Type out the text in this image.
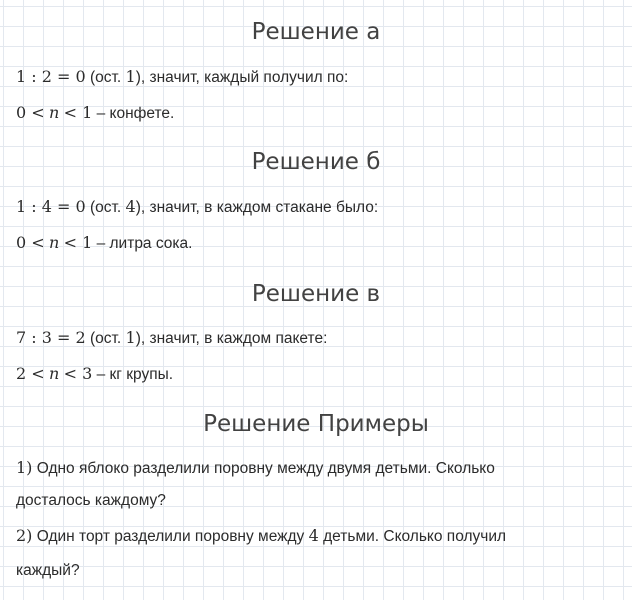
Решение а
1 : 2 = 0 (ост. 1), значит, каждый получил по:
0 < n < 1 – конфете.
Решение б
1 : 4 = 0 (ост. 4), значит, в каждом стакане было:
0 < n < 1 – литра сока.
Решение в
7 : 3 = 2 (ост. 1), значит, в каждом пакете:
2 < n < 3 – кг крупы.
Решение Примеры
1) Одно яблоко разделили поровну между двумя детьми. Сколько
досталось каждому?
2) Один торт разделили поровну между 4 детьми. Сколько получил
каждый?
